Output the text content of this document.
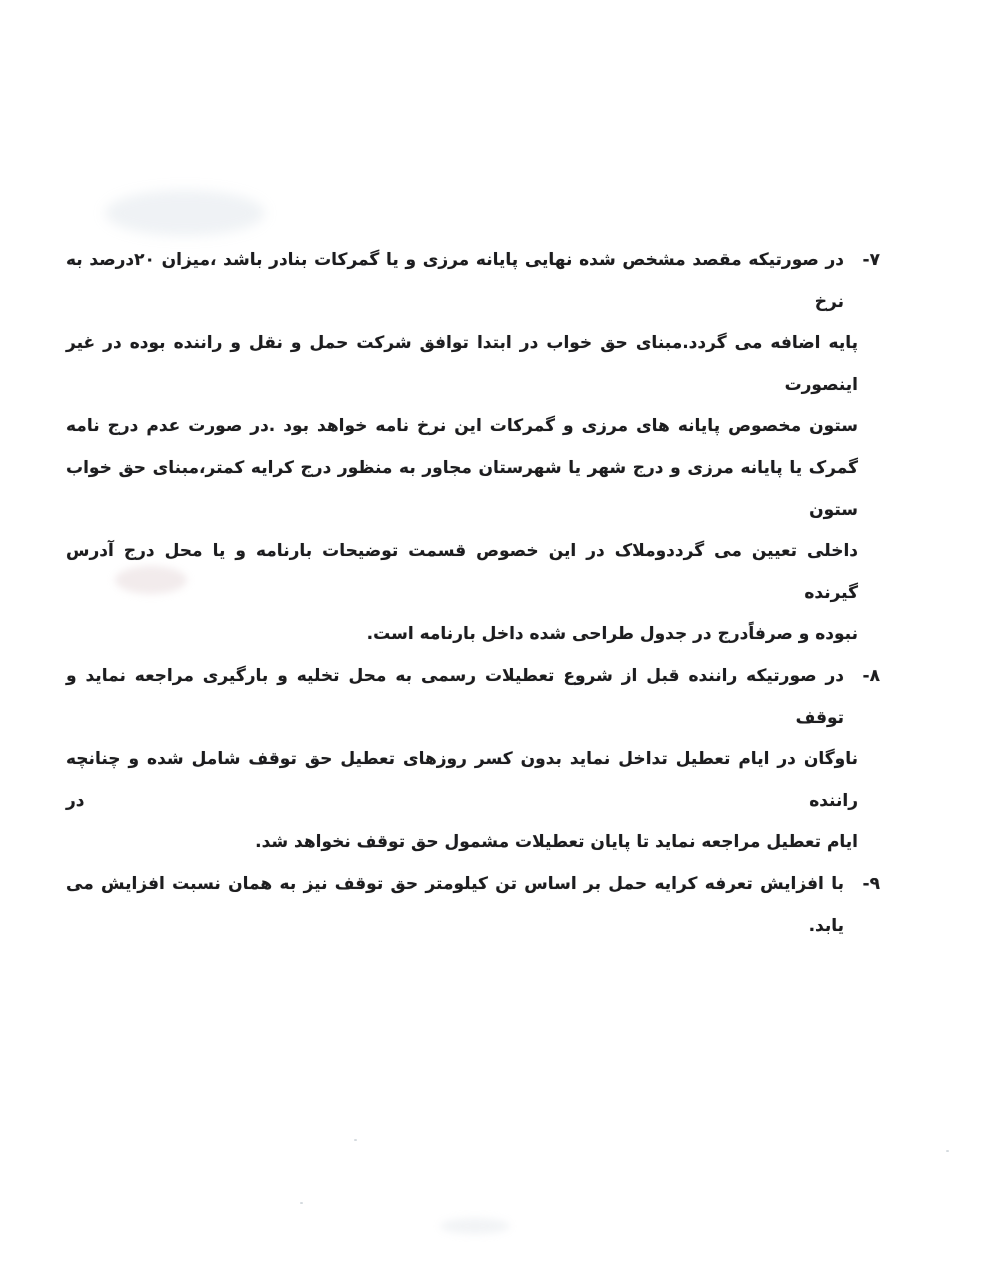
۷-
در صورتیکه مقصد مشخص شده نهایی پایانه مرزی و یا گمرکات بنادر باشد ،میزان ۲۰درصد به نرخ
پایه اضافه می گردد.مبنای حق خواب در ابتدا توافق شرکت حمل و نقل و راننده بوده در غیر اینصورت
ستون مخصوص پایانه های مرزی و گمرکات این نرخ نامه خواهد بود .در صورت عدم درج نامه
گمرک یا پایانه مرزی و درج شهر یا شهرستان مجاور به منظور درج کرایه کمتر،مبنای حق خواب ستون
داخلی تعیین می گرددوملاک در این خصوص قسمت توضیحات بارنامه و یا محل درج آدرس گیرنده
نبوده و صرفاًدرج در جدول طراحی شده داخل بارنامه است.
۸-
در صورتیکه راننده قبل از شروع تعطیلات رسمی به محل تخلیه و بارگیری مراجعه نماید و توقف
ناوگان در ایام تعطیل تداخل نماید بدون کسر روزهای تعطیل حق توقف شامل شده و چنانچه راننده در
ایام تعطیل مراجعه نماید تا پایان تعطیلات مشمول حق توقف نخواهد شد.
۹-
با افزایش تعرفه کرایه حمل بر اساس تن کیلومتر حق توقف نیز به همان نسبت افزایش می یابد.
